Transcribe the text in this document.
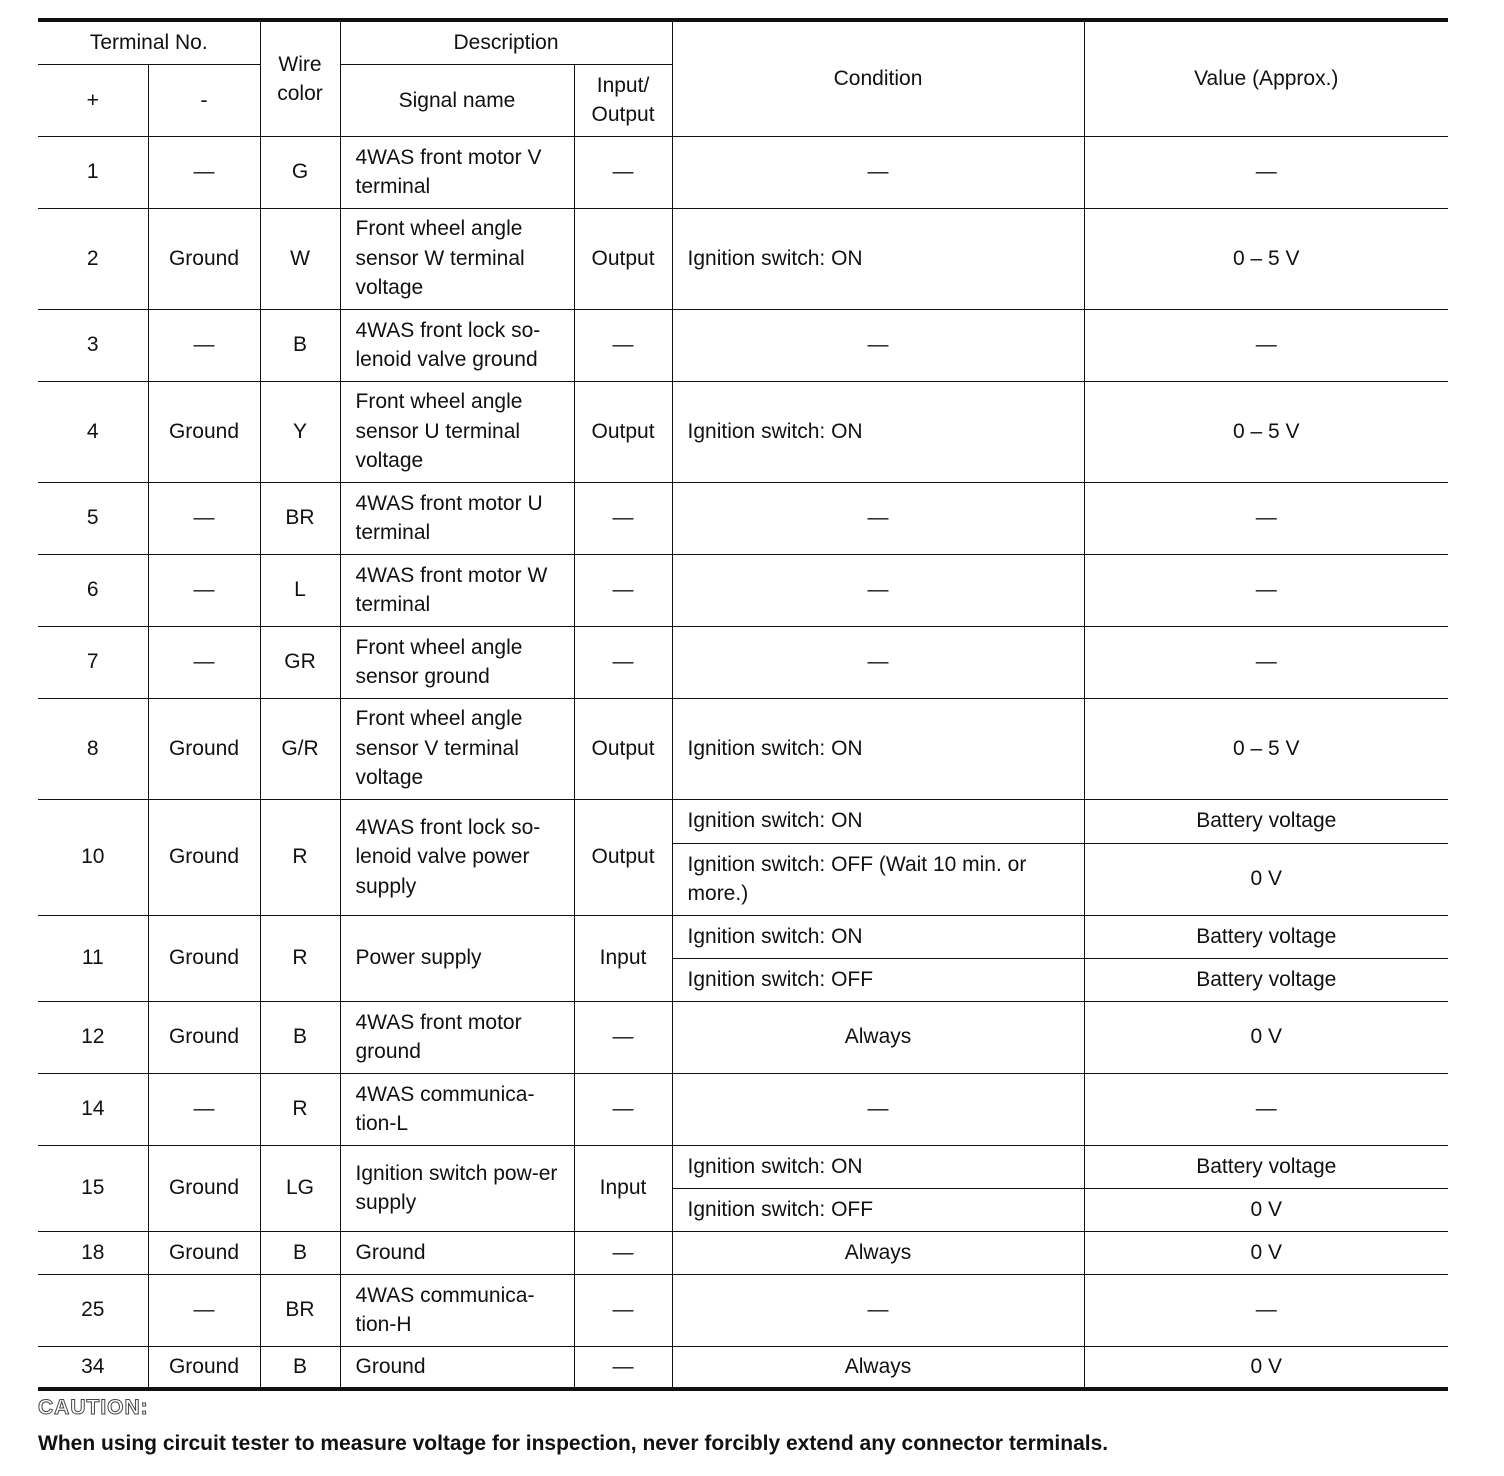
Terminal No.		Wire color	Description		Condition	Value (Approx.)
+	-		Signal name	Input/ Output		
1	—	G	4WAS front motor V terminal	—	—	—
2	Ground	W	Front wheel angle sensor W terminal voltage	Output	Ignition switch: ON	0 – 5 V
3	—	B	4WAS front lock so-lenoid valve ground	—	—	—
4	Ground	Y	Front wheel angle sensor U terminal voltage	Output	Ignition switch: ON	0 – 5 V
5	—	BR	4WAS front motor U terminal	—	—	—
6	—	L	4WAS front motor W terminal	—	—	—
7	—	GR	Front wheel angle sensor ground	—	—	—
8	Ground	G/R	Front wheel angle sensor V terminal voltage	Output	Ignition switch: ON	0 – 5 V
10	Ground	R	4WAS front lock so-lenoid valve power supply	Output	Ignition switch: ON	Battery voltage
					Ignition switch: OFF (Wait 10 min. or more.)	0 V
11	Ground	R	Power supply	Input	Ignition switch: ON	Battery voltage
					Ignition switch: OFF	Battery voltage
12	Ground	B	4WAS front motor ground	—	Always	0 V
14	—	R	4WAS communica-tion-L	—	—	—
15	Ground	LG	Ignition switch pow-er supply	Input	Ignition switch: ON	Battery voltage
					Ignition switch: OFF	0 V
18	Ground	B	Ground	—	Always	0 V
25	—	BR	4WAS communica-tion-H	—	—	—
34	Ground	B	Ground	—	Always	0 V
CAUTION:
When using circuit tester to measure voltage for inspection, never forcibly extend any connector terminals.
